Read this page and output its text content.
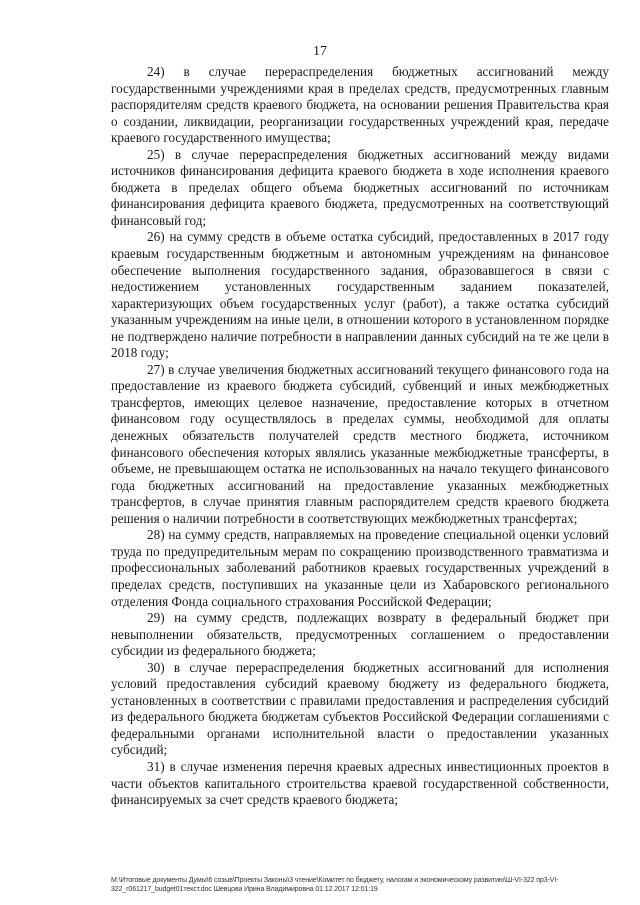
17

24) в случае перераспределения бюджетных ассигнований между государственными учреждениями края в пределах средств, предусмотренных главным распорядителям средств краевого бюджета, на основании решения Правительства края о создании, ликвидации, реорганизации государственных учреждений края, передаче краевого государственного имущества;

25) в случае перераспределения бюджетных ассигнований между видами источников финансирования дефицита краевого бюджета в ходе исполнения краевого бюджета в пределах общего объема бюджетных ассигнований по источникам финансирования дефицита краевого бюджета, предусмотренных на соответствующий финансовый год;

26) на сумму средств в объеме остатка субсидий, предоставленных в 2017 году краевым государственным бюджетным и автономным учреждениям на финансовое обеспечение выполнения государственного задания, образовавшегося в связи с недостижением установленных государственным заданием показателей, характеризующих объем государственных услуг (работ), а также остатка субсидий указанным учреждениям на иные цели, в отношении которого в установленном порядке не подтверждено наличие потребности в направлении данных субсидий на те же цели в 2018 году;

27) в случае увеличения бюджетных ассигнований текущего финансового года на предоставление из краевого бюджета субсидий, субвенций и иных межбюджетных трансфертов, имеющих целевое назначение, предоставление которых в отчетном финансовом году осуществлялось в пределах суммы, необходимой для оплаты денежных обязательств получателей средств местного бюджета, источником финансового обеспечения которых являлись указанные межбюджетные трансферты, в объеме, не превышающем остатка не использованных на начало текущего финансового года бюджетных ассигнований на предоставление указанных межбюджетных трансфертов, в случае принятия главным распорядителем средств краевого бюджета решения о наличии потребности в соответствующих межбюджетных трансфертах;

28) на сумму средств, направляемых на проведение специальной оценки условий труда по предупредительным мерам по сокращению производственного травматизма и профессиональных заболеваний работников краевых государственных учреждений в пределах средств, поступивших на указанные цели из Хабаровского регионального отделения Фонда социального страхования Российской Федерации;

29) на сумму средств, подлежащих возврату в федеральный бюджет при невыполнении обязательств, предусмотренных соглашением о предоставлении субсидии из федерального бюджета;

30) в случае перераспределения бюджетных ассигнований для исполнения условий предоставления субсидий краевому бюджету из федерального бюджета, установленных в соответствии с правилами предоставления и распределения субсидий из федерального бюджета бюджетам субъектов Российской Федерации соглашениями с федеральными органами исполнительной власти о предоставлении указанных субсидий;

31) в случае изменения перечня краевых адресных инвестиционных проектов в части объектов капитального строительства краевой государственной собственности, финансируемых за счет средств краевого бюджета;

M:\Итоговые документы Думы\6 созыв\Проекты Законы\3 чтение\Комитет по бюджету, налогам и экономическому развитию\Ш-VI-322 пр3-VI-322_r061217_budget01текст.doc Шевцова Ирина Владимировна 01.12.2017 12:01:19
